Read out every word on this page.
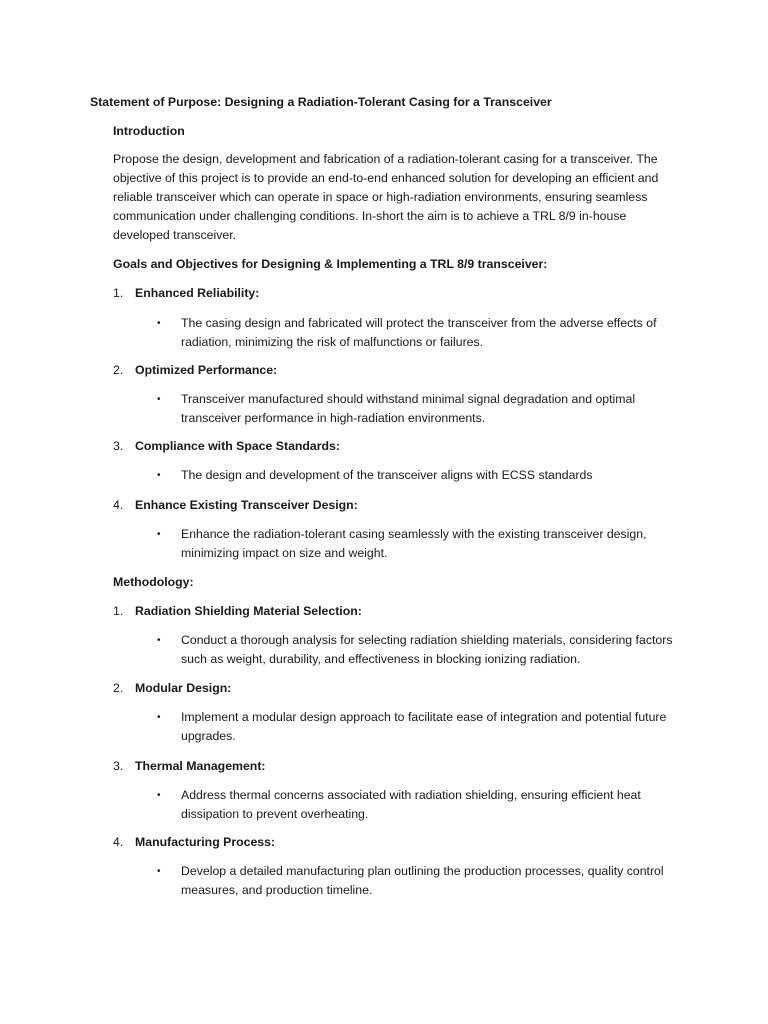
Statement of Purpose: Designing a Radiation-Tolerant Casing for a Transceiver
Introduction

Propose the design, development and fabrication of a radiation-tolerant casing for a transceiver. The objective of this project is to provide an end-to-end enhanced solution for developing an efficient and reliable transceiver which can operate in space or high-radiation environments, ensuring seamless communication under challenging conditions. In-short the aim is to achieve a TRL 8/9 in-house developed transceiver.

Goals and Objectives for Designing & Implementing a TRL 8/9 transceiver:
1. Enhanced Reliability:
• The casing design and fabricated will protect the transceiver from the adverse effects of radiation, minimizing the risk of malfunctions or failures.
2. Optimized Performance:
• Transceiver manufactured should withstand minimal signal degradation and optimal transceiver performance in high-radiation environments.
3. Compliance with Space Standards:
• The design and development of the transceiver aligns with ECSS standards
4. Enhance Existing Transceiver Design:
• Enhance the radiation-tolerant casing seamlessly with the existing transceiver design, minimizing impact on size and weight.
Methodology:
1. Radiation Shielding Material Selection:
• Conduct a thorough analysis for selecting radiation shielding materials, considering factors such as weight, durability, and effectiveness in blocking ionizing radiation.
2. Modular Design:
• Implement a modular design approach to facilitate ease of integration and potential future upgrades.
3. Thermal Management:
• Address thermal concerns associated with radiation shielding, ensuring efficient heat dissipation to prevent overheating.
4. Manufacturing Process:
• Develop a detailed manufacturing plan outlining the production processes, quality control measures, and production timeline.
